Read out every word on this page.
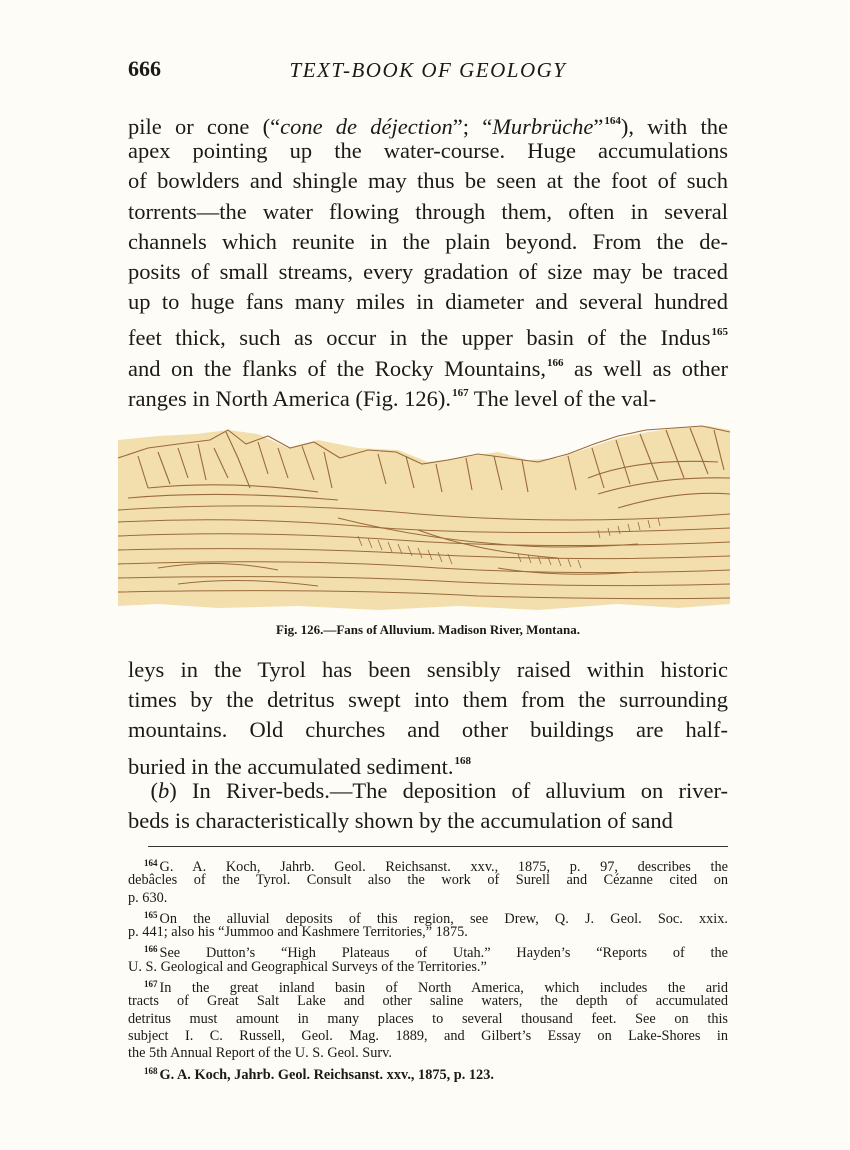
666	TEXT-BOOK OF GEOLOGY
pile or cone (“cone de déjection”; “Murbrüche”$^{164}$), with the
apex pointing up the water-course. Huge accumulations
of bowlders and shingle may thus be seen at the foot of such
torrents—the water flowing through them, often in several
channels which reunite in the plain beyond. From the de-
posits of small streams, every gradation of size may be traced
up to huge fans many miles in diameter and several hundred
feet thick, such as occur in the upper basin of the Indus$^{165}$
and on the flanks of the Rocky Mountains,$^{166}$ as well as other
ranges in North America (Fig. 126).$^{167}$ The level of the val-
Fig. 126.—Fans of Alluvium. Madison River, Montana.
leys in the Tyrol has been sensibly raised within historic
times by the detritus swept into them from the surrounding
mountains. Old churches and other buildings are half-
buried in the accumulated sediment.$^{168}$
 (b) In River-beds.—The deposition of alluvium on river-
beds is characteristically shown by the accumulation of sand
$^{164}$ G. A. Koch, Jahrb. Geol. Reichsanst. xxv., 1875, p. 97, describes the
debâcles of the Tyrol. Consult also the work of Surell and Cézanne cited on
p. 630.
$^{165}$ On the alluvial deposits of this region, see Drew, Q. J. Geol. Soc. xxix.
p. 441; also his “Jummoo and Kashmere Territories,” 1875.
$^{166}$ See Dutton’s “High Plateaus of Utah.” Hayden’s “Reports of the
U. S. Geological and Geographical Surveys of the Territories.”
$^{167}$ In the great inland basin of North America, which includes the arid
tracts of Great Salt Lake and other saline waters, the depth of accumulated
detritus must amount in many places to several thousand feet. See on this
subject I. C. Russell, Geol. Mag. 1889, and Gilbert’s Essay on Lake-Shores in
the 5th Annual Report of the U. S. Geol. Surv.
$^{168}$ G. A. Koch, Jahrb. Geol. Reichsanst. xxv., 1875, p. 123.
